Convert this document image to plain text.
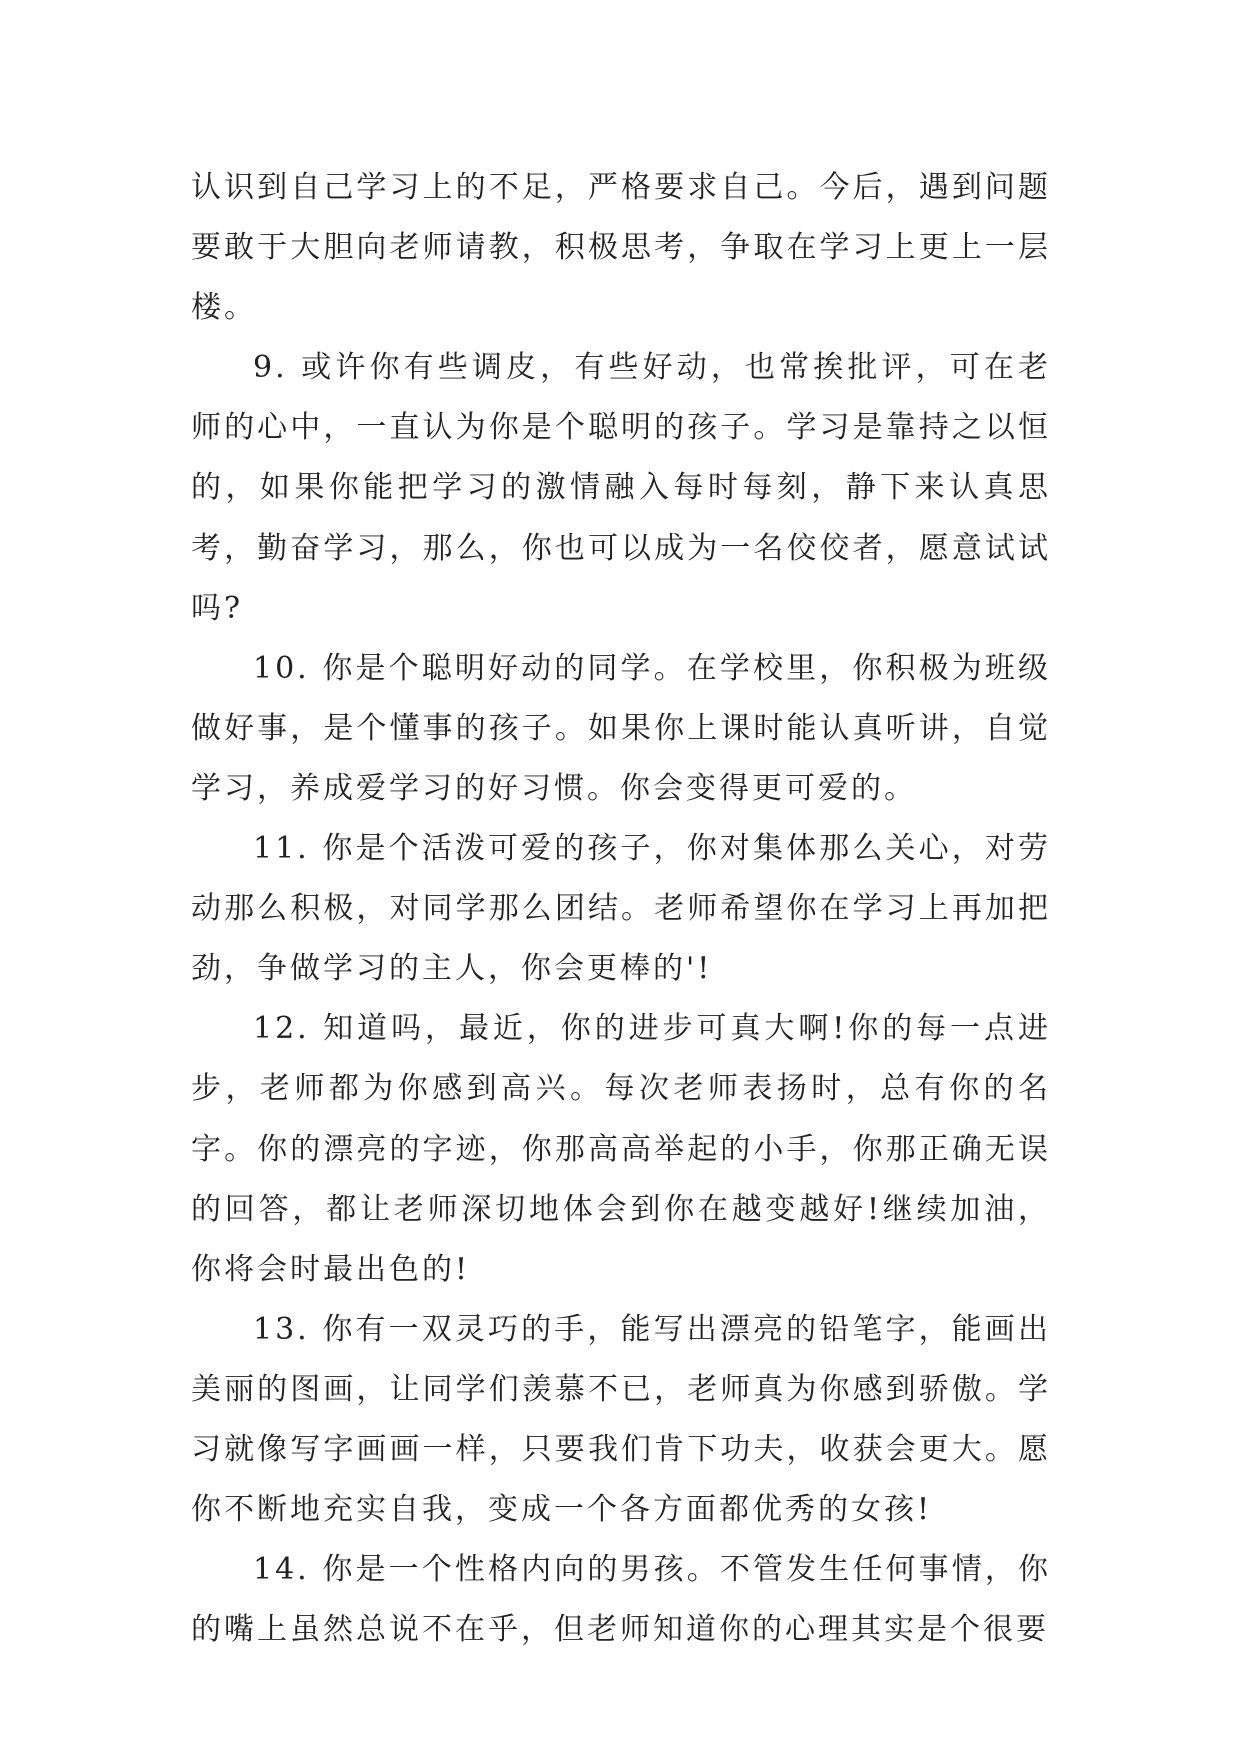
认识到自己学习上的不足，严格要求自己。今后，遇到问题要敢于大胆向老师请教，积极思考，争取在学习上更上一层楼。

9. 或许你有些调皮，有些好动，也常挨批评，可在老师的心中，一直认为你是个聪明的孩子。学习是靠持之以恒的，如果你能把学习的激情融入每时每刻，静下来认真思考，勤奋学习，那么，你也可以成为一名佼佼者，愿意试试吗?

10. 你是个聪明好动的同学。在学校里，你积极为班级做好事，是个懂事的孩子。如果你上课时能认真听讲，自觉学习，养成爱学习的好习惯。你会变得更可爱的。

11. 你是个活泼可爱的孩子，你对集体那么关心，对劳动那么积极，对同学那么团结。老师希望你在学习上再加把劲，争做学习的主人，你会更棒的'!

12. 知道吗，最近，你的进步可真大啊!你的每一点进步，老师都为你感到高兴。每次老师表扬时，总有你的名字。你的漂亮的字迹，你那高高举起的小手，你那正确无误的回答，都让老师深切地体会到你在越变越好!继续加油，你将会时最出色的!

13. 你有一双灵巧的手，能写出漂亮的铅笔字，能画出美丽的图画，让同学们羡慕不已，老师真为你感到骄傲。学习就像写字画画一样，只要我们肯下功夫，收获会更大。愿你不断地充实自我，变成一个各方面都优秀的女孩!

14. 你是一个性格内向的男孩。不管发生任何事情，你的嘴上虽然总说不在乎，但老师知道你的心理其实是个很要
